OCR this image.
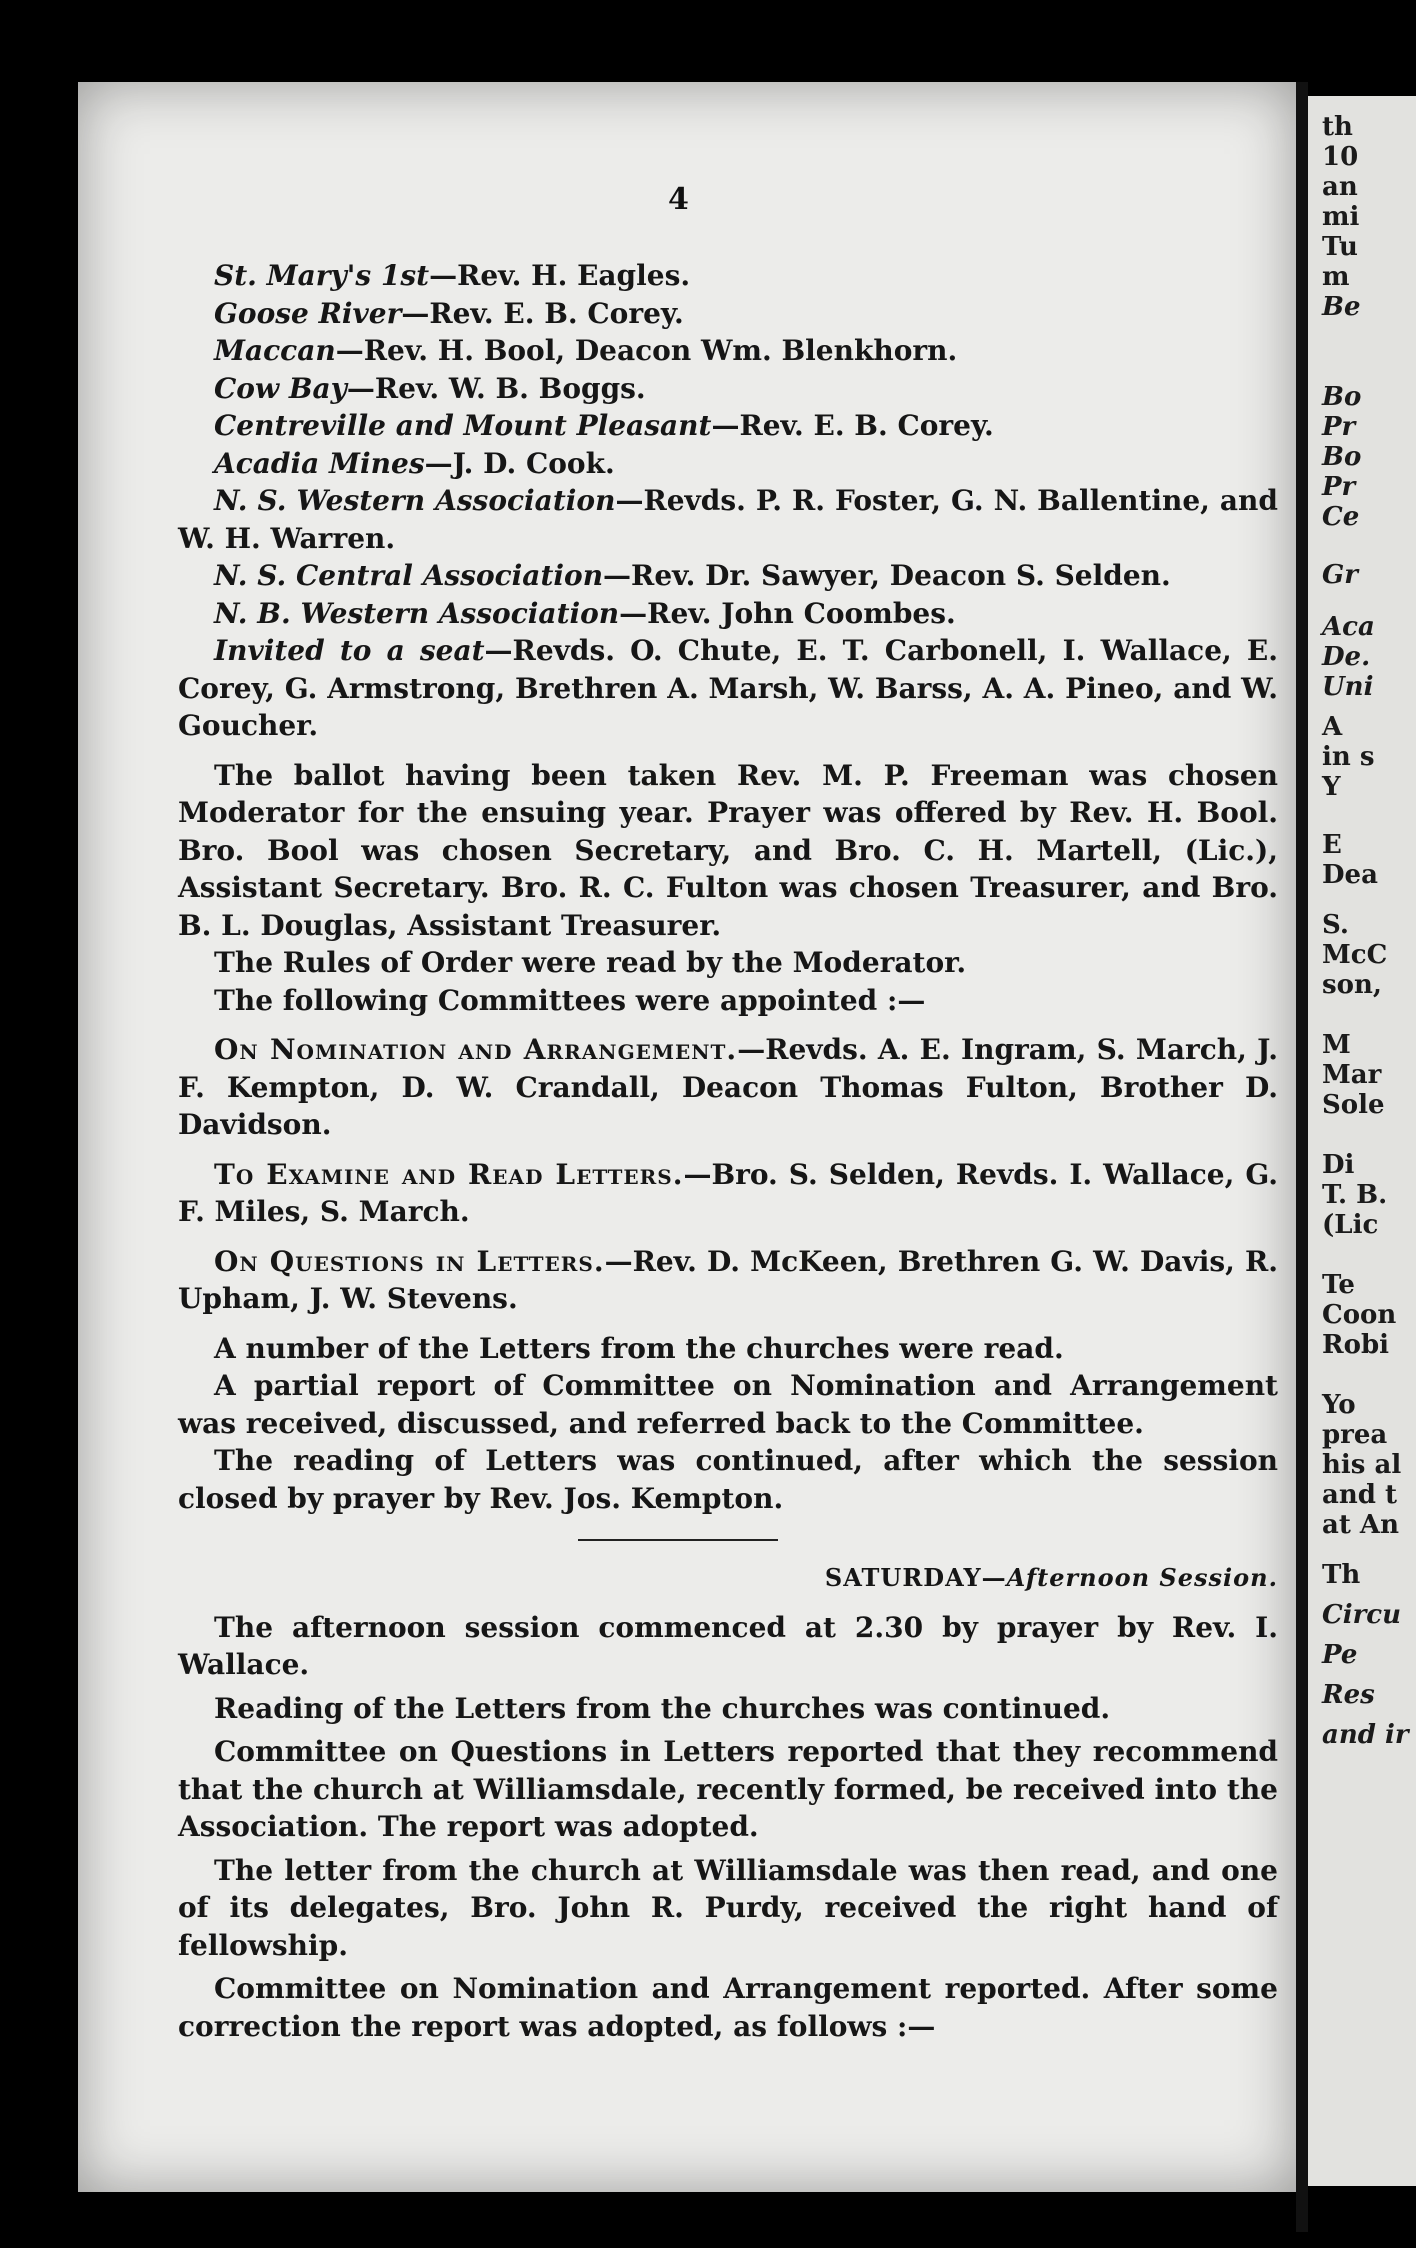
4

St. Mary's 1st—Rev. H. Eagles.

Goose River—Rev. E. B. Corey.

Maccan—Rev. H. Bool, Deacon Wm. Blenkhorn.

Cow Bay—Rev. W. B. Boggs.

Centreville and Mount Pleasant—Rev. E. B. Corey.

Acadia Mines—J. D. Cook.

N. S. Western Association—Revds. P. R. Foster, G. N. Ballentine, and W. H. Warren.

N. S. Central Association—Rev. Dr. Sawyer, Deacon S. Selden.

N. B. Western Association—Rev. John Coombes.

Invited to a seat—Revds. O. Chute, E. T. Carbonell, I. Wallace, E. Corey, G. Armstrong, Brethren A. Marsh, W. Barss, A. A. Pineo, and W. Goucher.

The ballot having been taken Rev. M. P. Freeman was chosen Moderator for the ensuing year. Prayer was offered by Rev. H. Bool. Bro. Bool was chosen Secretary, and Bro. C. H. Martell, (Lic.), Assistant Secretary. Bro. R. C. Fulton was chosen Treasurer, and Bro. B. L. Douglas, Assistant Treasurer.

The Rules of Order were read by the Moderator.

The following Committees were appointed :—

On Nomination and Arrangement.—Revds. A. E. Ingram, S. March, J. F. Kempton, D. W. Crandall, Deacon Thomas Fulton, Brother D. Davidson.

To Examine and Read Letters.—Bro. S. Selden, Revds. I. Wallace, G. F. Miles, S. March.

On Questions in Letters.—Rev. D. McKeen, Brethren G. W. Davis, R. Upham, J. W. Stevens.

A number of the Letters from the churches were read.

A partial report of Committee on Nomination and Arrangement was received, discussed, and referred back to the Committee.

The reading of Letters was continued, after which the session closed by prayer by Rev. Jos. Kempton.

SATURDAY—Afternoon Session.

The afternoon session commenced at 2.30 by prayer by Rev. I. Wallace.

Reading of the Letters from the churches was continued.

Committee on Questions in Letters reported that they recommend that the church at Williamsdale, recently formed, be received into the Association. The report was adopted.

The letter from the church at Williamsdale was then read, and one of its delegates, Bro. John R. Purdy, received the right hand of fellowship.

Committee on Nomination and Arrangement reported. After some correction the report was adopted, as follows :—

th
10
an
mi
Tu
m
Be
Bo
Pr
Bo
Pr
Ce
Gr
Aca
De.
Uni
A
in s
Y
E
Dea
S.
McC
son,
M
Mar
Sole
Di
T. B.
(Lic
Te
Coon
Robi
Yo
prea
his al
and t
at An
Th
Circu
Pe
Res
and ir
